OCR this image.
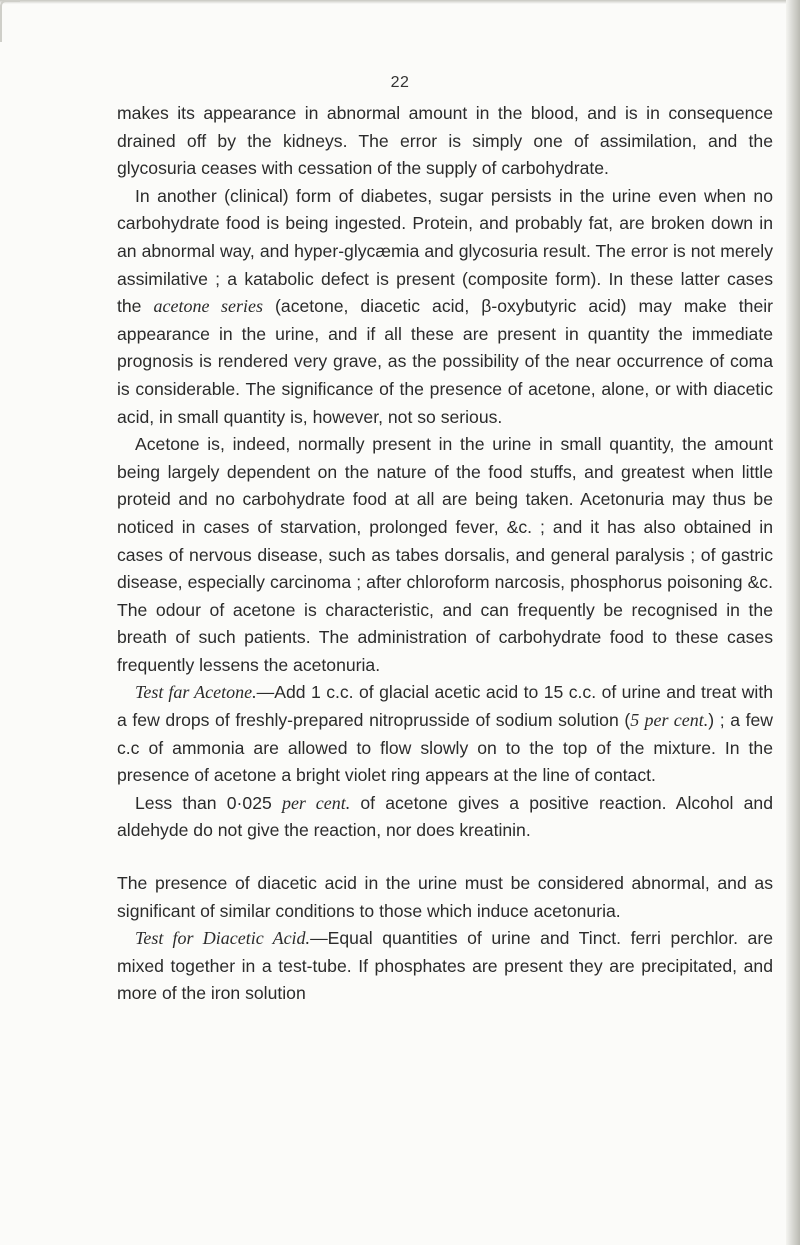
22

makes its appearance in abnormal amount in the blood, and is in consequence drained off by the kidneys. The error is simply one of assimilation, and the glycosuria ceases with cessation of the supply of carbohydrate.

In another (clinical) form of diabetes, sugar persists in the urine even when no carbohydrate food is being ingested. Protein, and probably fat, are broken down in an abnormal way, and hyper-glycæmia and glycosuria result. The error is not merely assimilative ; a katabolic defect is present (composite form). In these latter cases the acetone series (acetone, diacetic acid, β-oxybutyric acid) may make their appearance in the urine, and if all these are present in quantity the immediate prognosis is rendered very grave, as the possibility of the near occurrence of coma is considerable. The significance of the presence of acetone, alone, or with diacetic acid, in small quantity is, however, not so serious.

Acetone is, indeed, normally present in the urine in small quantity, the amount being largely dependent on the nature of the food stuffs, and greatest when little proteid and no carbohydrate food at all are being taken. Acetonuria may thus be noticed in cases of starvation, prolonged fever, &c. ; and it has also obtained in cases of nervous disease, such as tabes dorsalis, and general paralysis ; of gastric disease, especially carcinoma ; after chloroform narcosis, phosphorus poisoning &c. The odour of acetone is characteristic, and can frequently be recognised in the breath of such patients. The administration of carbohydrate food to these cases frequently lessens the acetonuria.

Test far Acetone.—Add 1 c.c. of glacial acetic acid to 15 c.c. of urine and treat with a few drops of freshly-prepared nitroprusside of sodium solution (5 per cent.) ; a few c.c of ammonia are allowed to flow slowly on to the top of the mixture. In the presence of acetone a bright violet ring appears at the line of contact.

Less than 0·025 per cent. of acetone gives a positive reaction. Alcohol and aldehyde do not give the reaction, nor does kreatinin.

The presence of diacetic acid in the urine must be considered abnormal, and as significant of similar conditions to those which induce acetonuria.

Test for Diacetic Acid.—Equal quantities of urine and Tinct. ferri perchlor. are mixed together in a test-tube. If phosphates are present they are precipitated, and more of the iron solution
